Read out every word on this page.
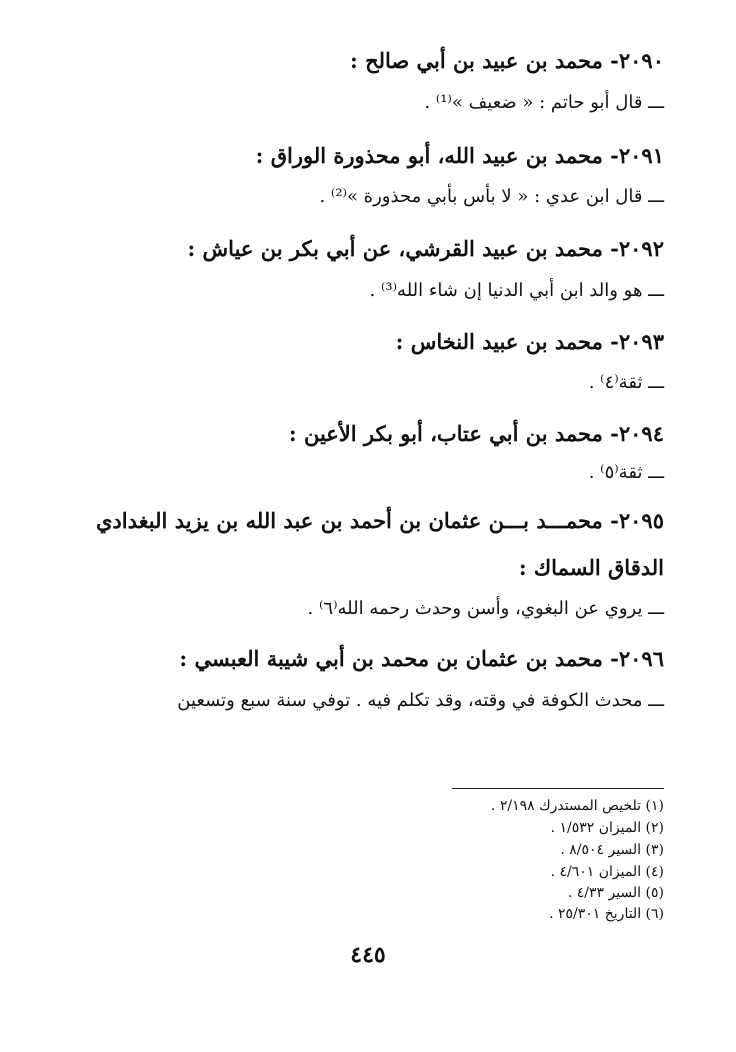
٢٠٩٠- محمد بن عبيد بن أبي صالح :
ـــ قال أبو حاتم : « ضعيف »⁽¹⁾ .
٢٠٩١- محمد بن عبيد الله، أبو محذورة الوراق :
ـــ قال ابن عدي : « لا بأس بأبي محذورة »⁽²⁾ .
٢٠٩٢- محمد بن عبيد القرشي، عن أبي بكر بن عياش :
ـــ هو والد ابن أبي الدنيا إن شاء الله⁽³⁾ .
٢٠٩٣- محمد بن عبيد النخاس :
ـــ ثقة⁽٤⁾ .
٢٠٩٤- محمد بن أبي عتاب، أبو بكر الأعين :
ـــ ثقة⁽٥⁾ .
٢٠٩٥- محمـــد بـــن عثمان بن أحمد بن عبد الله بن يزيد البغدادي
الدقاق السماك :
ـــ يروي عن البغوي، وأسن وحدث رحمه الله⁽٦⁾ .
٢٠٩٦- محمد بن عثمان بن محمد بن أبي شيبة العبسي :
ـــ محدث الكوفة في وقته، وقد تكلم فيه . توفي سنة سبع وتسعين
(١) تلخيص المستدرك ٢/١٩٨ .
(٢) الميزان ١/٥٣٢ .
(٣) السير ٨/٥٠٤ .
(٤) الميزان ٤/٦٠١ .
(٥) السير ٤/٣٣ .
(٦) التاريخ ٢٥/٣٠١ .
٤٤٥
